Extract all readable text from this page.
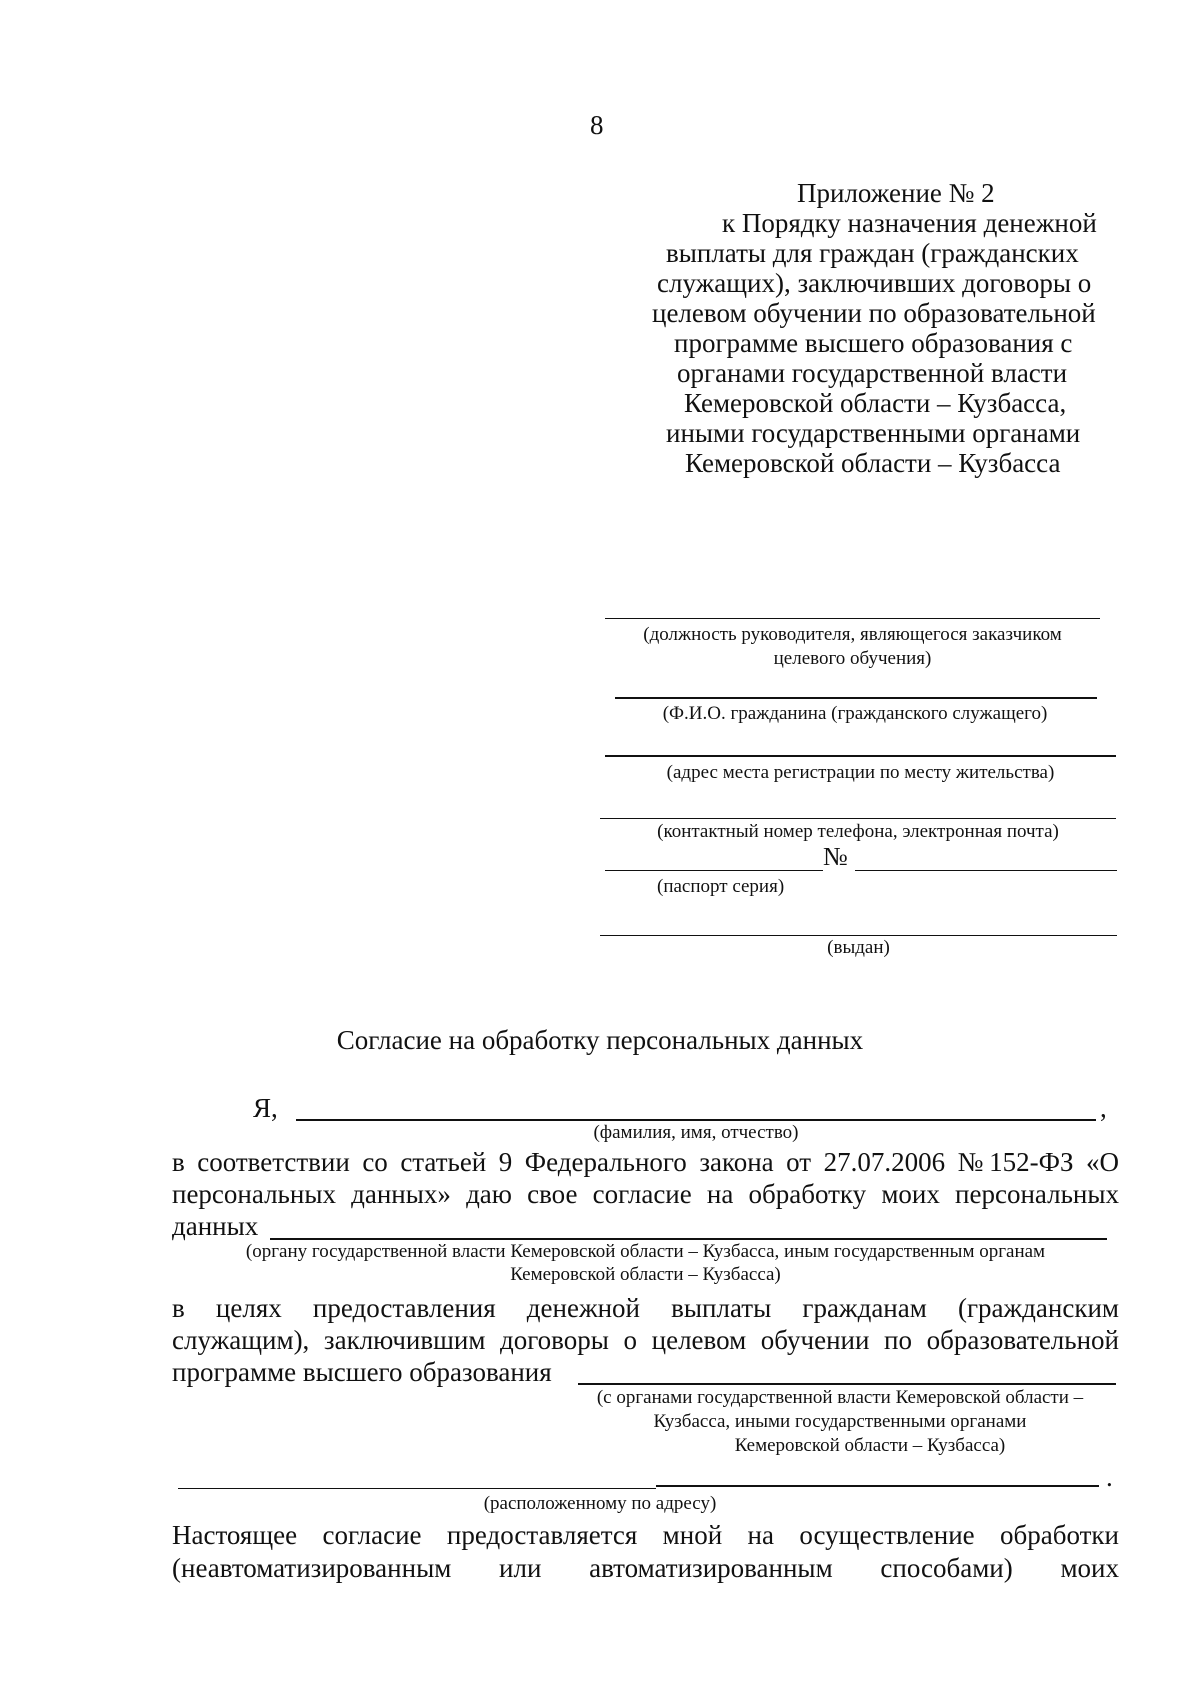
8
Приложение № 2
к Порядку назначения денежной
выплаты для граждан (гражданских
служащих), заключивших договоры о
целевом обучении по образовательной
программе высшего образования с
органами государственной власти
Кемеровской области – Кузбасса,
иными государственными органами
Кемеровской области – Кузбасса
(должность руководителя, являющегося заказчиком
целевого обучения)
(Ф.И.О. гражданина (гражданского служащего)
(адрес места регистрации по месту жительства)
(контактный номер телефона, электронная почта)
№
(паспорт серия)
(выдан)
Согласие на обработку персональных данных
Я,	,
(фамилия, имя, отчество)
в соответствии со статьей 9 Федерального закона от 27.07.2006 №152-ФЗ «О
персональных данных» даю свое согласие на обработку моих персональных
данных
(органу государственной власти Кемеровской области – Кузбасса, иным государственным органам
Кемеровской области – Кузбасса)
в целях предоставления денежной выплаты гражданам (гражданским
служащим), заключившим договоры о целевом обучении по образовательной
программе высшего образования
(с органами государственной власти Кемеровской области –
Кузбасса, иными государственными органами
Кемеровской области – Кузбасса)
.
(расположенному по адресу)
Настоящее согласие предоставляется мной на осуществление обработки
(неавтоматизированным или автоматизированным способами) моих
